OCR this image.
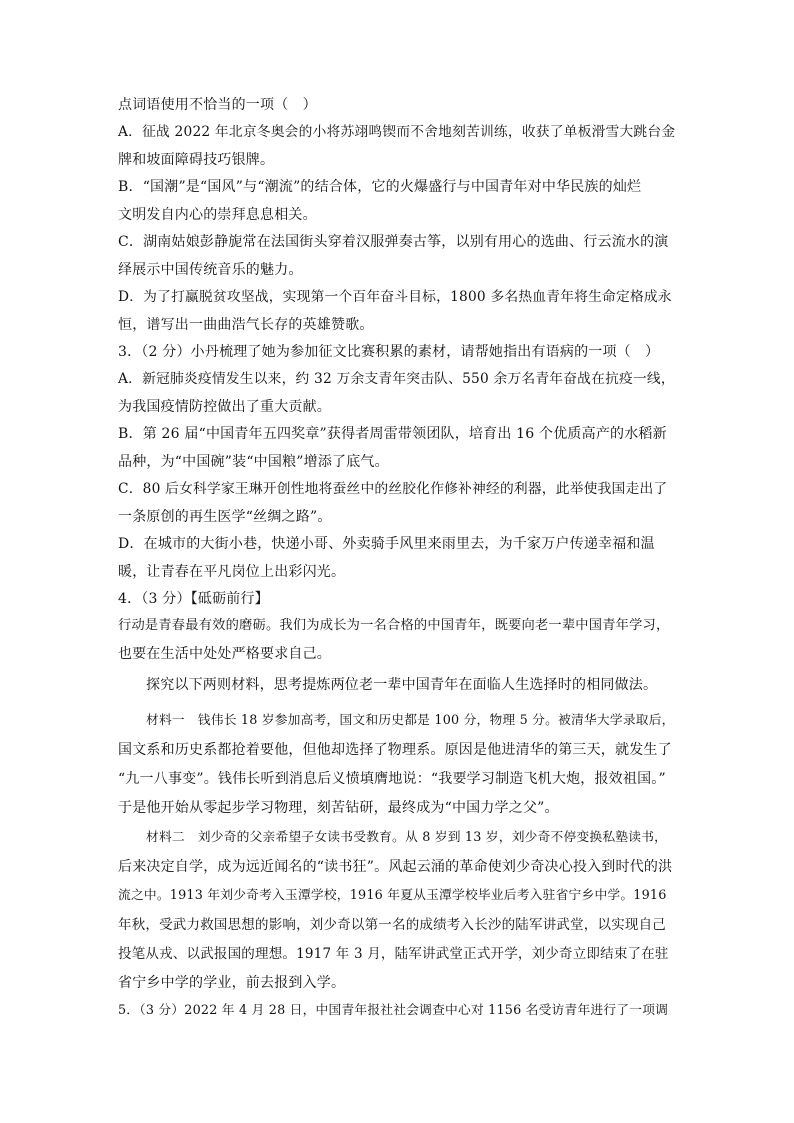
点词语使用不恰当的一项（　）
A．征战 2022 年北京冬奥会的小将苏翊鸣锲而不舍地刻苦训练，收获了单板滑雪大跳台金
牌和坡面障碍技巧银牌。
B．“国潮”是“国风”与“潮流”的结合体，它的火爆盛行与中国青年对中华民族的灿烂
文明发自内心的崇拜息息相关。
C．湖南姑娘彭静旎常在法国街头穿着汉服弹奏古筝，以别有用心的选曲、行云流水的演
绎展示中国传统音乐的魅力。
D．为了打赢脱贫攻坚战，实现第一个百年奋斗目标，1800 多名热血青年将生命定格成永
恒，谱写出一曲曲浩气长存的英雄赞歌。
3．（2 分）小丹梳理了她为参加征文比赛积累的素材，请帮她指出有语病的一项（　）
A．新冠肺炎疫情发生以来，约 32 万余支青年突击队、550 余万名青年奋战在抗疫一线，
为我国疫情防控做出了重大贡献。
B．第 26 届“中国青年五四奖章”获得者周雷带领团队，培育出 16 个优质高产的水稻新
品种，为“中国碗”装“中国粮”增添了底气。
C．80 后女科学家王琳开创性地将蚕丝中的丝胶化作修补神经的利器，此举使我国走出了
一条原创的再生医学“丝绸之路”。
D．在城市的大街小巷，快递小哥、外卖骑手风里来雨里去，为千家万户传递幸福和温
暖，让青春在平凡岗位上出彩闪光。
4．（3 分）【砥砺前行】
行动是青春最有效的磨砺。我们为成长为一名合格的中国青年，既要向老一辈中国青年学习，
也要在生活中处处严格要求自己。
探究以下两则材料，思考提炼两位老一辈中国青年在面临人生选择时的相同做法。
材料一　钱伟长 18 岁参加高考，国文和历史都是 100 分，物理 5 分。被清华大学录取后，
国文系和历史系都抢着要他，但他却选择了物理系。原因是他进清华的第三天，就发生了
“九一八事变”。钱伟长听到消息后义愤填膺地说：“我要学习制造飞机大炮，报效祖国。”
于是他开始从零起步学习物理，刻苦钻研，最终成为“中国力学之父”。
材料二　刘少奇的父亲希望子女读书受教育。从 8 岁到 13 岁，刘少奇不停变换私塾读书，
后来决定自学，成为远近闻名的“读书狂”。风起云涌的革命使刘少奇决心投入到时代的洪
流之中。1913 年刘少奇考入玉潭学校，1916 年夏从玉潭学校毕业后考入驻省宁乡中学。1916
年秋，受武力救国思想的影响，刘少奇以第一名的成绩考入长沙的陆军讲武堂，以实现自己
投笔从戎、以武报国的理想。1917 年 3 月，陆军讲武堂正式开学，刘少奇立即结束了在驻
省宁乡中学的学业，前去报到入学。
5．（3 分）2022 年 4 月 28 日，中国青年报社社会调查中心对 1156 名受访青年进行了一项调
